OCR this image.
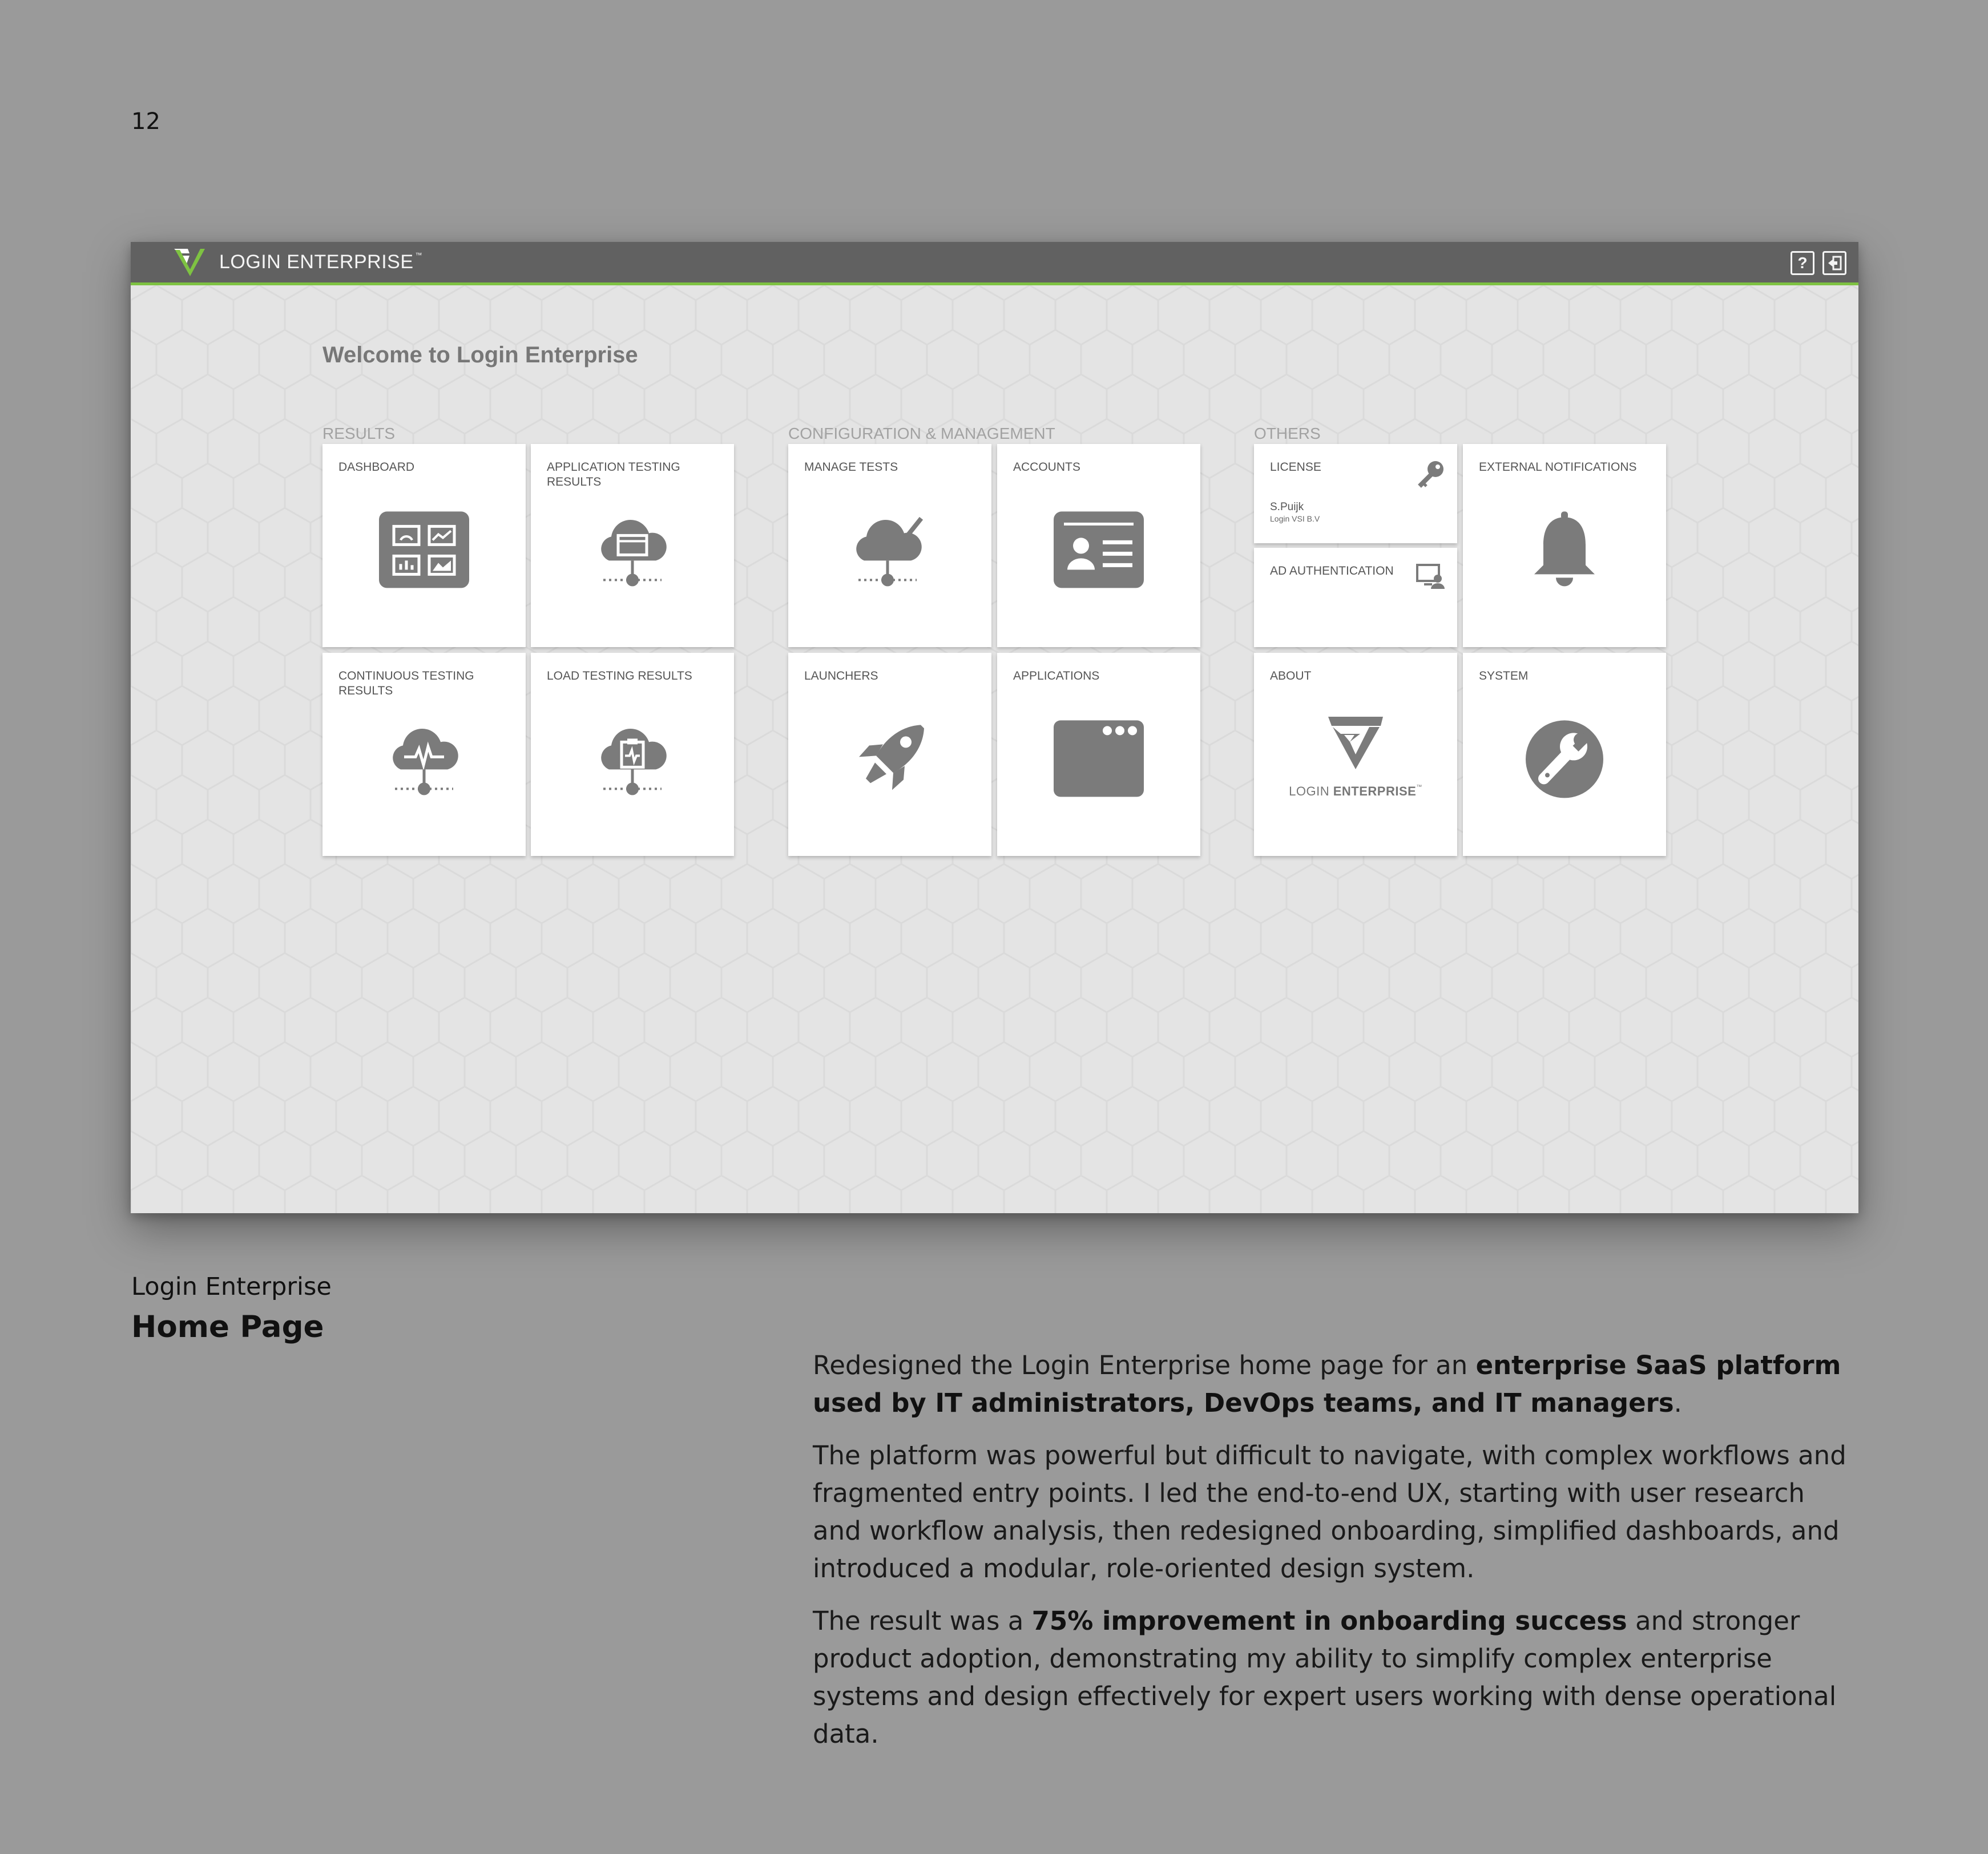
12
LOGIN ENTERPRISE ™	?
Welcome to Login Enterprise
RESULTS	CONFIGURATION & MANAGEMENT	OTHERS
DASHBOARD	APPLICATION TESTING RESULTS
CONTINUOUS TESTING RESULTS
LOAD TESTING RESULTS
MANAGE TESTS	ACCOUNTS
LAUNCHERS	APPLICATIONS
LICENSE
S.Puijk
Login VSI B.V
AD AUTHENTICATION
EXTERNAL NOTIFICATIONS
ABOUT
LOGIN ENTERPRISE™
SYSTEM
Login Enterprise
Home Page

Redesigned the Login Enterprise home page for an enterprise SaaS platform used by IT administrators, DevOps teams, and IT managers.

The platform was powerful but difficult to navigate, with complex workflows and fragmented entry points. I led the end-to-end UX, starting with user research and workflow analysis, then redesigned onboarding, simplified dashboards, and introduced a modular, role-oriented design system.

The result was a 75% improvement in onboarding success and stronger product adoption, demonstrating my ability to simplify complex enterprise systems and design effectively for expert users working with dense operational data.
